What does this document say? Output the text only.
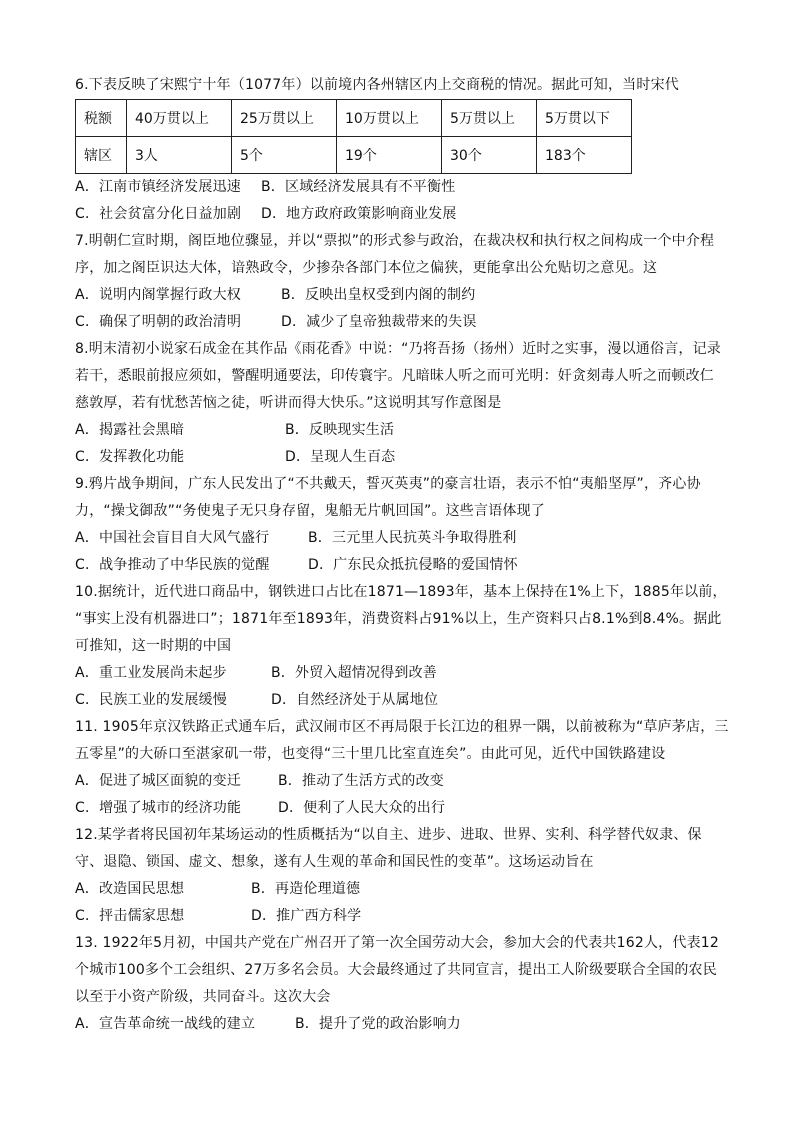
6.下表反映了宋熙宁十年（1077年）以前境内各州辖区内上交商税的情况。据此可知，当时宋代
税额	40万贯以上	25万贯以上	10万贯以上	5万贯以上	5万贯以下
辖区	3人	5个	19个	30个	183个
A．江南市镇经济发展迅速	B．区域经济发展具有不平衡性
C．社会贫富分化日益加剧	D．地方政府政策影响商业发展
7.明朝仁宣时期，阁臣地位骤显，并以“票拟”的形式参与政治，在裁决权和执行权之间构成一个中介程
序，加之阁臣识达大体，谙熟政令，少掺杂各部门本位之偏狭，更能拿出公允贴切之意见。这
A．说明内阁掌握行政大权	B．反映出皇权受到内阁的制约
C．确保了明朝的政治清明	D．减少了皇帝独裁带来的失误
8.明末清初小说家石成金在其作品《雨花香》中说：“乃将吾扬（扬州）近时之实事，漫以通俗言，记录
若干，悉眼前报应须如，警醒明通要法，印传寰宇。凡暗昧人听之而可光明：奸贪刻毒人听之而顿改仁
慈敦厚，若有忧愁苦恼之徒，听讲而得大快乐。”这说明其写作意图是
A．揭露社会黑暗	B．反映现实生活
C．发挥教化功能	D．呈现人生百态
9.鸦片战争期间，广东人民发出了“不共戴天，誓灭英夷”的豪言壮语，表示不怕“夷船坚厚”，齐心协
力，“操戈御敌”“务使鬼子无只身存留，鬼船无片帆回国”。这些言语体现了
A．中国社会盲目自大风气盛行	B．三元里人民抗英斗争取得胜利
C．战争推动了中华民族的觉醒	D．广东民众抵抗侵略的爱国情怀
10.据统计，近代进口商品中，钢铁进口占比在1871—1893年，基本上保持在1%上下，1885年以前，
“事实上没有机器进口”；1871年至1893年，消费资料占91%以上，生产资料只占8.1%到8.4%。据此
可推知，这一时期的中国
A．重工业发展尚未起步	B．外贸入超情况得到改善
C．民族工业的发展缓慢	D．自然经济处于从属地位
11. 1905年京汉铁路正式通车后，武汉闹市区不再局限于长江边的租界一隅，以前被称为“草庐茅店，三
五零星”的大硚口至湛家矶一带，也变得“三十里几比室直连矣”。由此可见，近代中国铁路建设
A．促进了城区面貌的变迁	B．推动了生活方式的改变
C．增强了城市的经济功能	D．便利了人民大众的出行
12.某学者将民国初年某场运动的性质概括为“以自主、进步、进取、世界、实利、科学替代奴隶、保
守、退隐、锁国、虚文、想象，遂有人生观的革命和国民性的变革”。这场运动旨在
A．改造国民思想	B．再造伦理道德
C．抨击儒家思想	D．推广西方科学
13. 1922年5月初，中国共产党在广州召开了第一次全国劳动大会，参加大会的代表共162人，代表12
个城市100多个工会组织、27万多名会员。大会最终通过了共同宣言，提出工人阶级要联合全国的农民
以至于小资产阶级，共同奋斗。这次大会
A．宣告革命统一战线的建立	B．提升了党的政治影响力
